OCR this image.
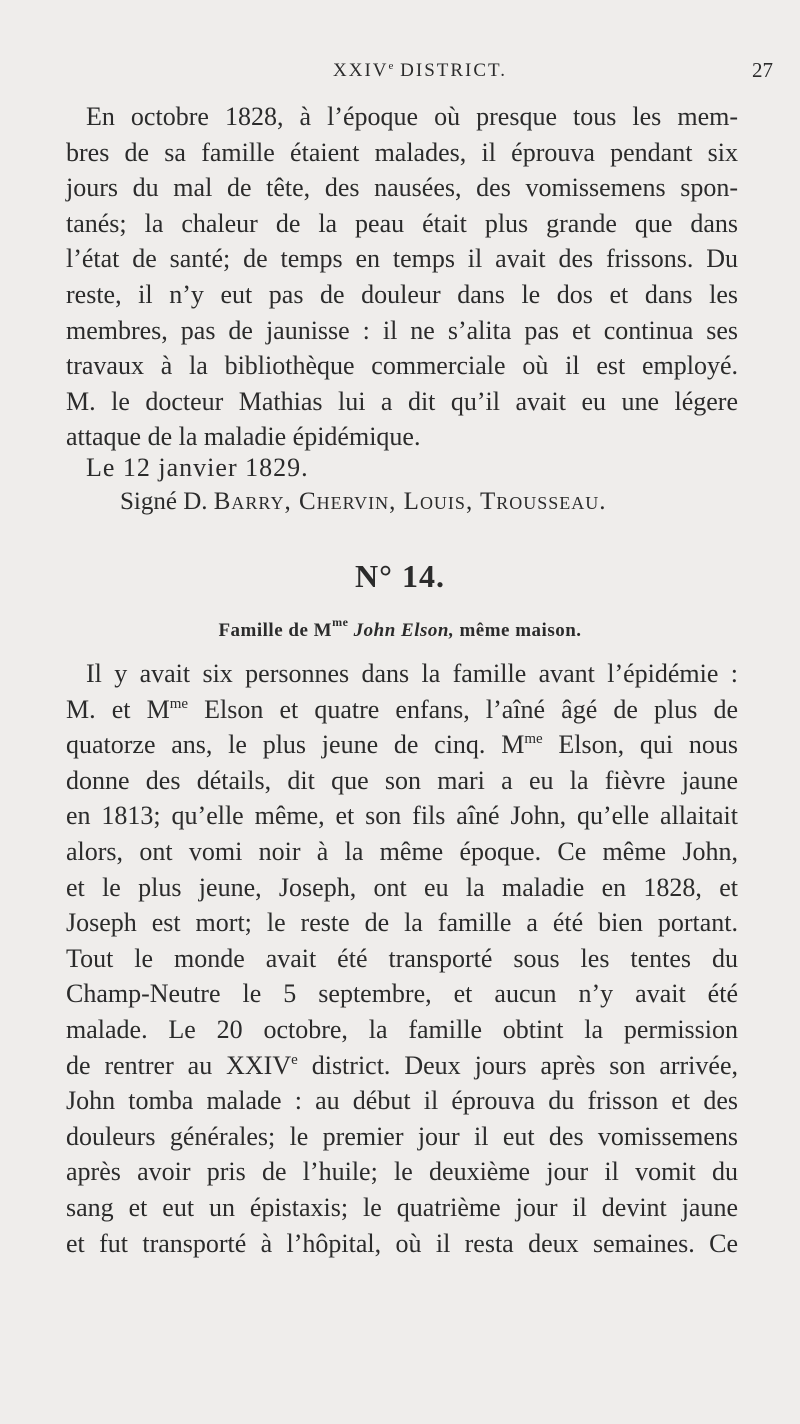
XXIVe DISTRICT.	27
En octobre 1828, à l’époque où presque tous les mem-
bres de sa famille étaient malades, il éprouva pendant six
jours du mal de tête, des nausées, des vomissemens spon-
tanés; la chaleur de la peau était plus grande que dans
l’état de santé; de temps en temps il avait des frissons. Du
reste, il n’y eut pas de douleur dans le dos et dans les
membres, pas de jaunisse : il ne s’alita pas et continua ses
travaux à la bibliothèque commerciale où il est employé.
M. le docteur Mathias lui a dit qu’il avait eu une légere
attaque de la maladie épidémique.
Le 12 janvier 1829.
Signé D. Barry, Chervin, Louis, Trousseau.
N° 14.
Famille de $M^{me}$ John Elson, même maison.
Il y avait six personnes dans la famille avant l’épidémie :
M. et $M^{me}$ Elson et quatre enfans, l’aîné âgé de plus de
quatorze ans, le plus jeune de cinq. $M^{me}$ Elson, qui nous
donne des détails, dit que son mari a eu la fièvre jaune
en 1813; qu’elle même, et son fils aîné John, qu’elle allaitait
alors, ont vomi noir à la même époque. Ce même John,
et le plus jeune, Joseph, ont eu la maladie en 1828, et
Joseph est mort; le reste de la famille a été bien portant.
Tout le monde avait été transporté sous les tentes du
Champ-Neutre le 5 septembre, et aucun n’y avait été
malade. Le 20 octobre, la famille obtint la permission
de rentrer au XXIVe district. Deux jours après son arrivée,
John tomba malade : au début il éprouva du frisson et des
douleurs générales; le premier jour il eut des vomissemens
après avoir pris de l’huile; le deuxième jour il vomit du
sang et eut un épistaxis; le quatrième jour il devint jaune
et fut transporté à l’hôpital, où il resta deux semaines. Ce
